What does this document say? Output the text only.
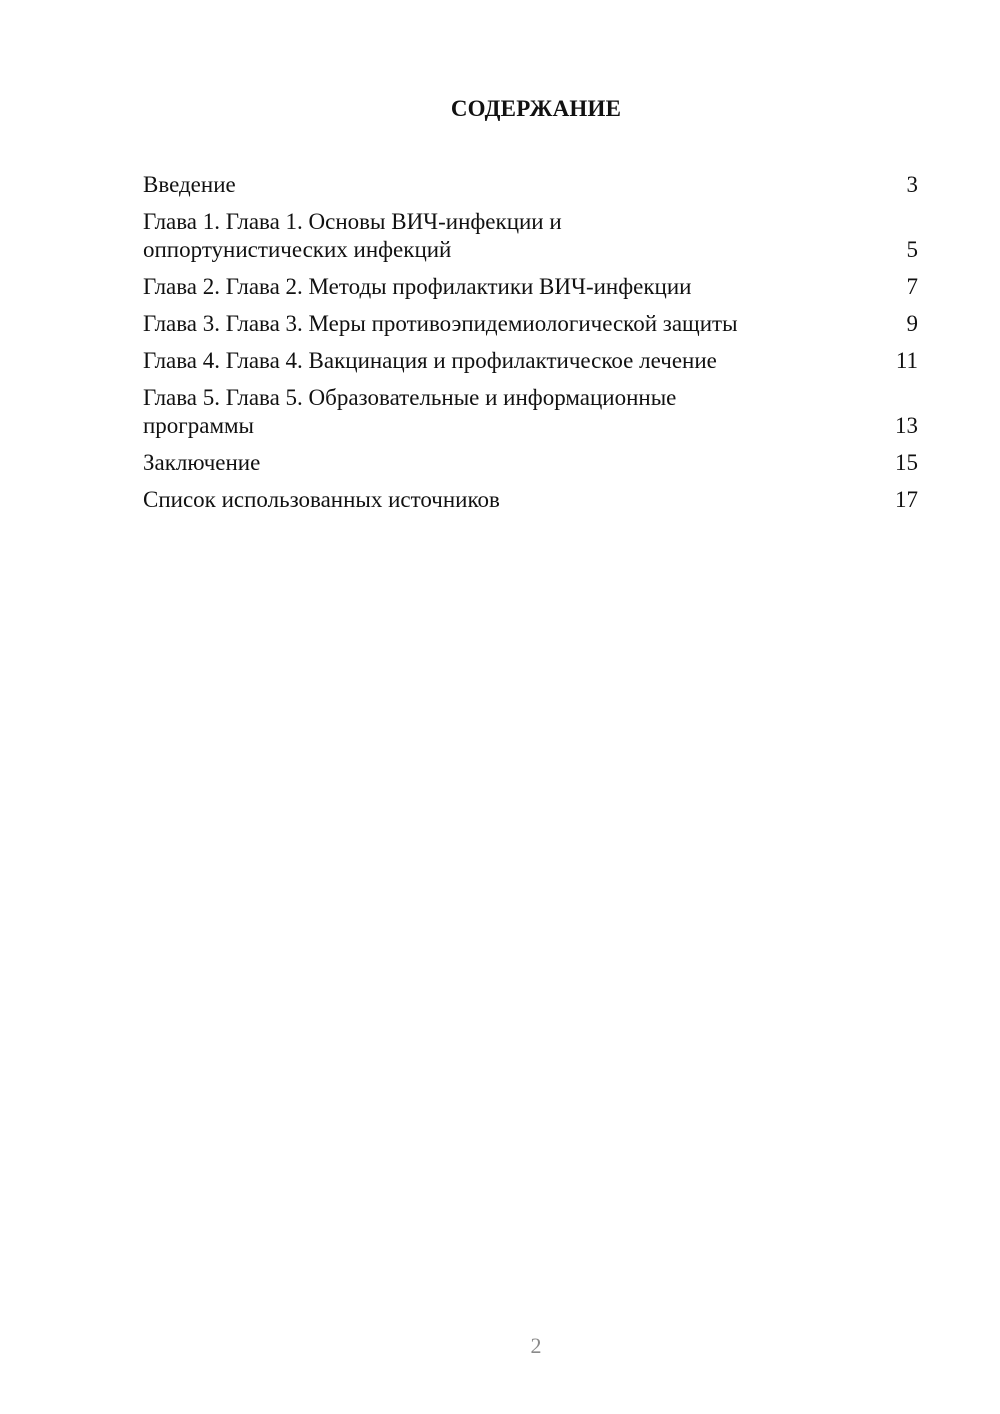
СОДЕРЖАНИЕ
Введение	3
Глава 1. Глава 1. Основы ВИЧ-инфекции и
оппортунистических инфекций	5
Глава 2. Глава 2. Методы профилактики ВИЧ-инфекции	7
Глава 3. Глава 3. Меры противоэпидемиологической защиты	9
Глава 4. Глава 4. Вакцинация и профилактическое лечение	11
Глава 5. Глава 5. Образовательные и информационные
программы	13
Заключение	15
Список использованных источников	17
2
